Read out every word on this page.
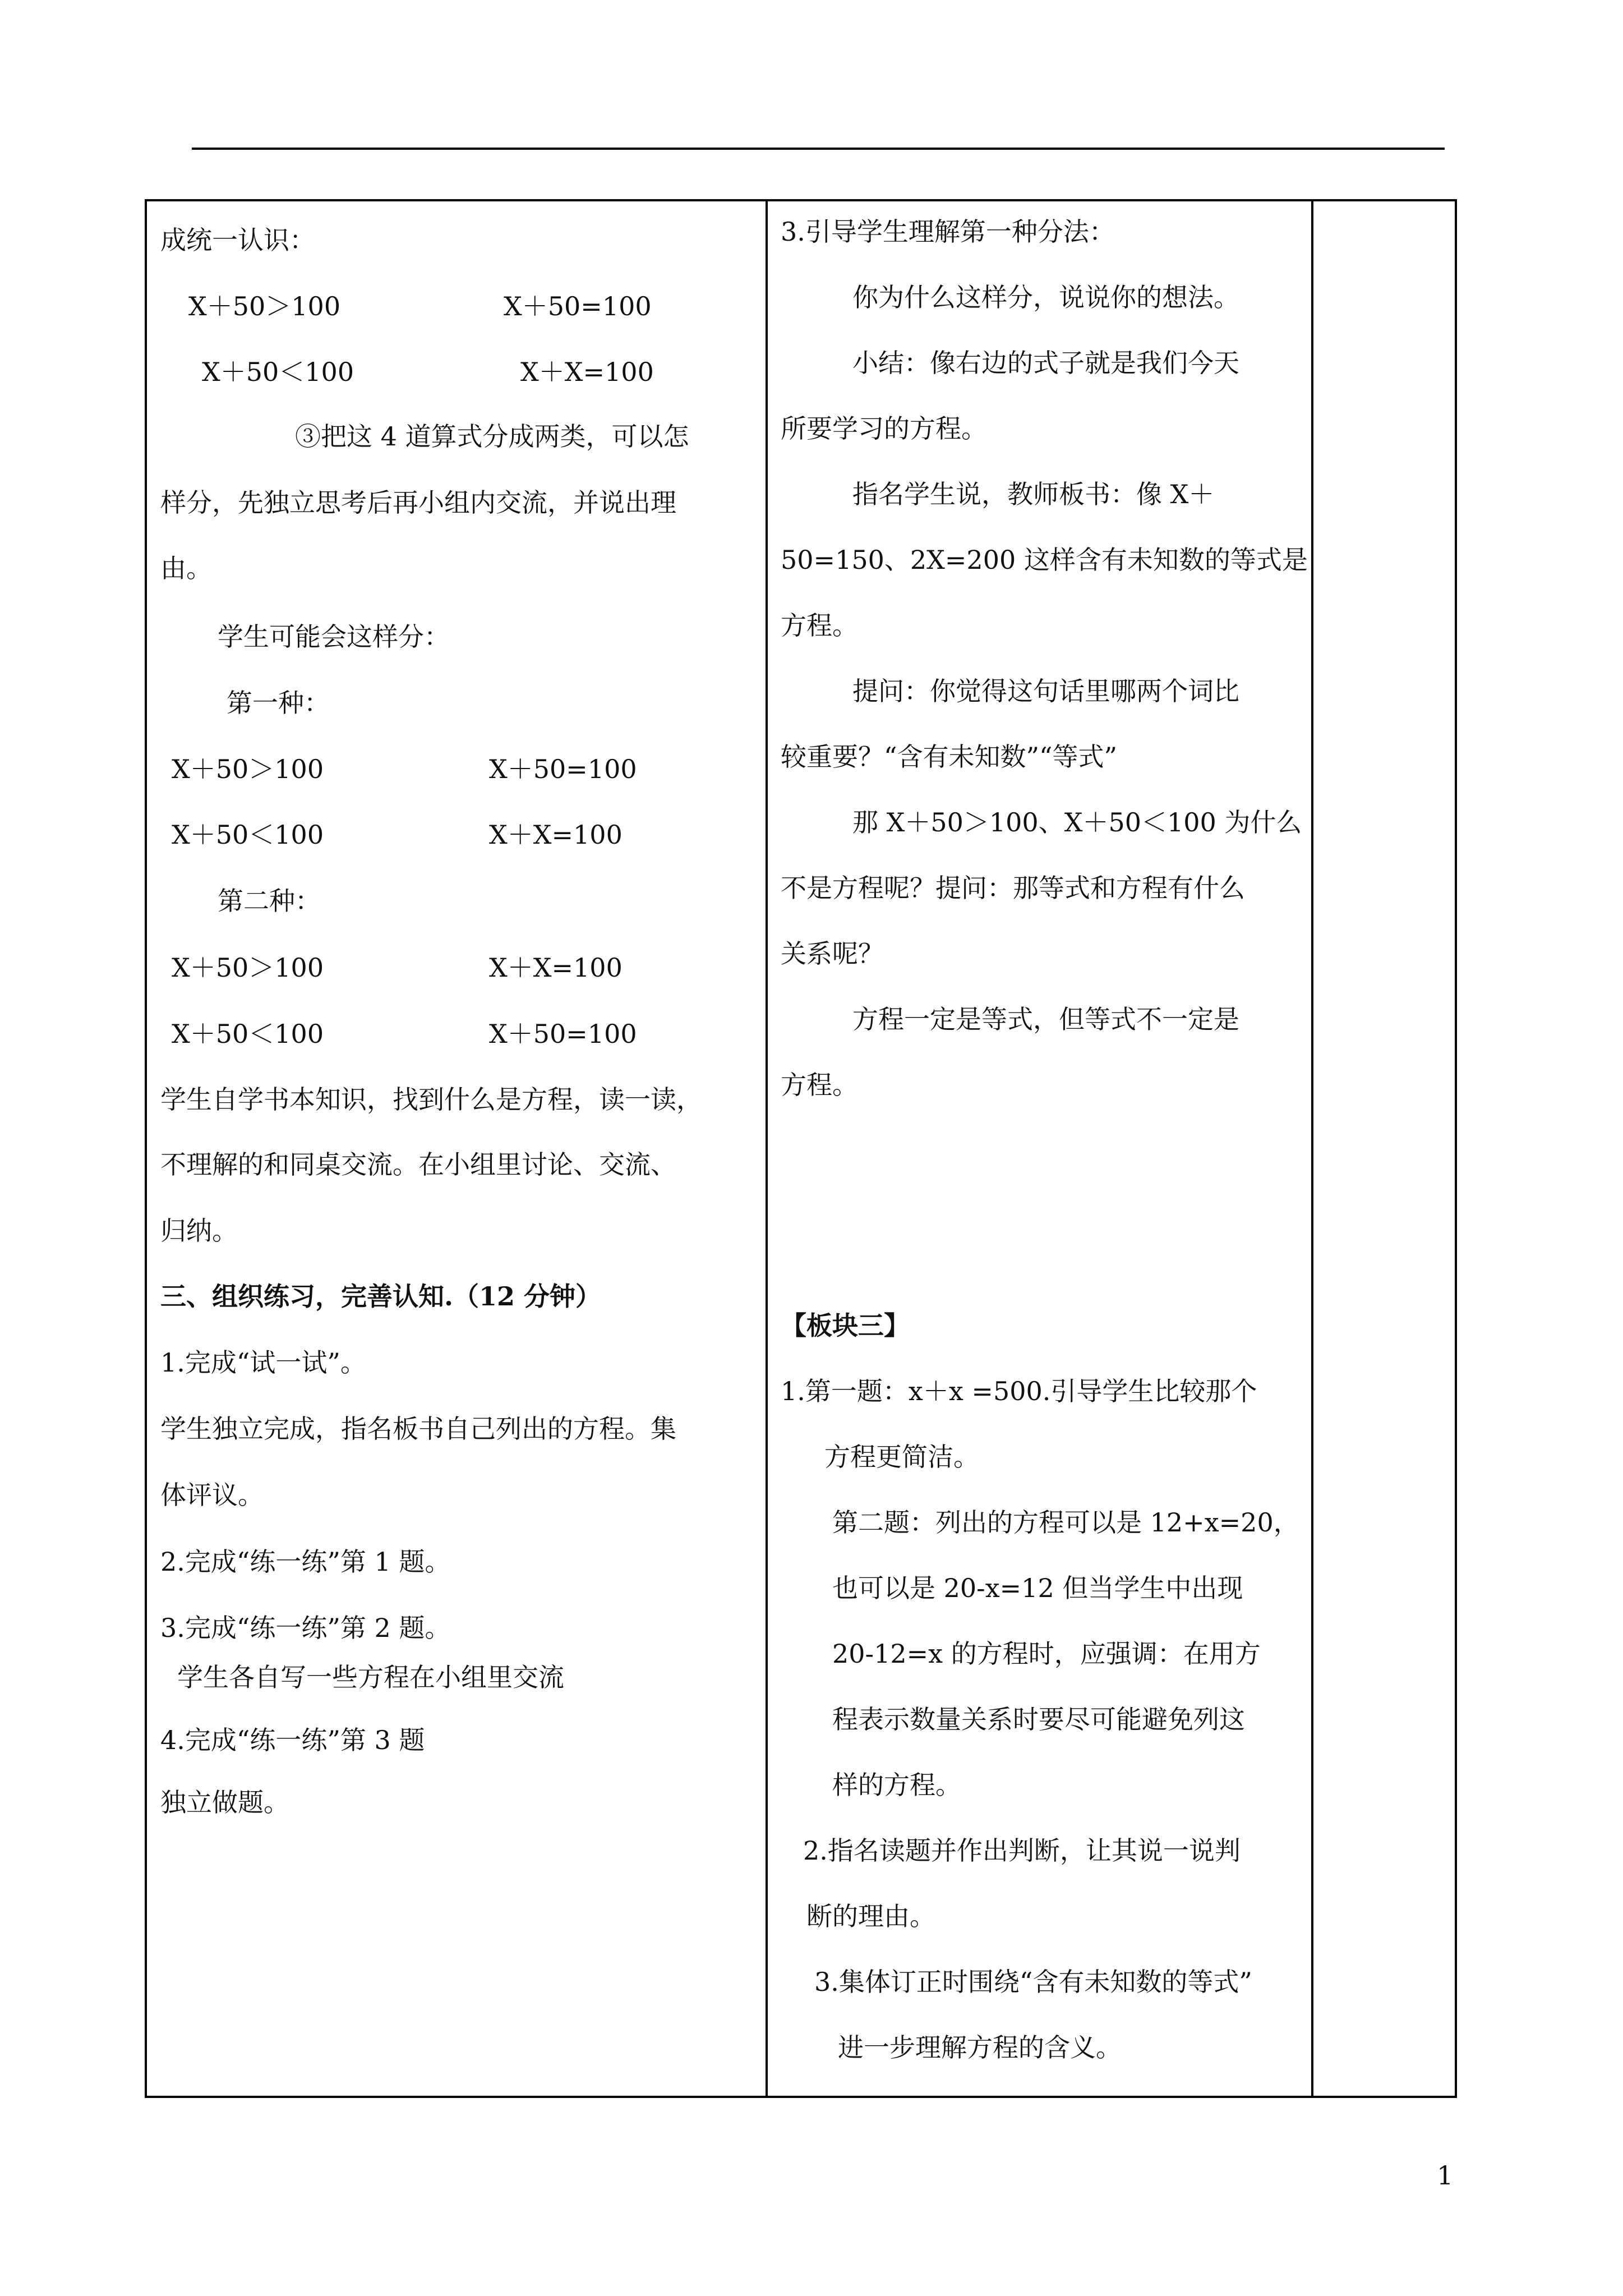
成统一认识：
X＋50＞100	X＋50=100
X＋50＜100	X＋X=100
③把这 4 道算式分成两类，可以怎
样分，先独立思考后再小组内交流，并说出理
由。
学生可能会这样分：
第一种：
X＋50＞100	X＋50=100
X＋50＜100	X＋X=100
第二种：
X＋50＞100	X＋X=100
X＋50＜100	X＋50=100
学生自学书本知识，找到什么是方程，读一读，
不理解的和同桌交流。在小组里讨论、交流、
归纳。
三、组织练习，完善认知.（12 分钟）
1.完成“试一试”。
学生独立完成，指名板书自己列出的方程。集
体评议。
2.完成“练一练”第 1 题。
3.完成“练一练”第 2 题。
学生各自写一些方程在小组里交流
4.完成“练一练”第 3 题
独立做题。
3.引导学生理解第一种分法：
你为什么这样分，说说你的想法。
小结：像右边的式子就是我们今天
所要学习的方程。
指名学生说，教师板书：像 X＋
50=150、2X=200 这样含有未知数的等式是
方程。
提问：你觉得这句话里哪两个词比
较重要？“含有未知数”“等式”
那 X＋50＞100、X＋50＜100 为什么
不是方程呢？提问：那等式和方程有什么
关系呢？
方程一定是等式，但等式不一定是
方程。
【板块三】
1.第一题：x＋x =500.引导学生比较那个
方程更简洁。
第二题：列出的方程可以是 12+x=20，
也可以是 20-x=12 但当学生中出现
20-12=x 的方程时，应强调：在用方
程表示数量关系时要尽可能避免列这
样的方程。
2.指名读题并作出判断，让其说一说判
断的理由。
3.集体订正时围绕“含有未知数的等式”
进一步理解方程的含义。
1
